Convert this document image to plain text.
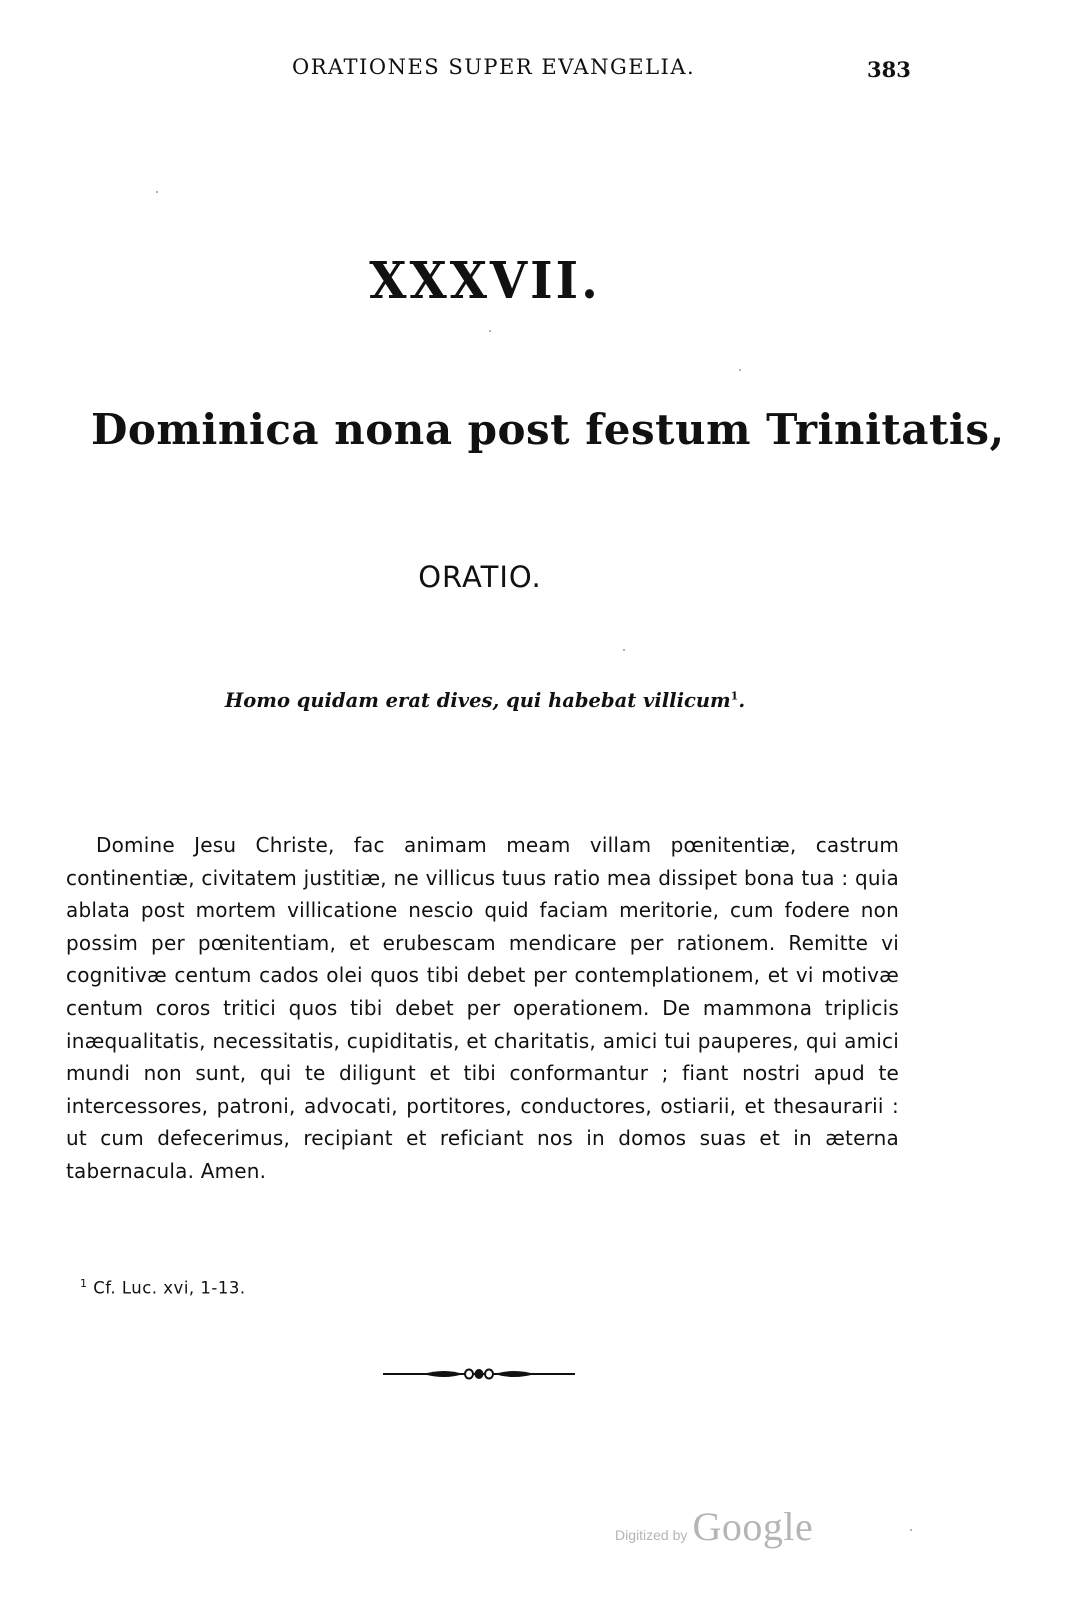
ORATIONES SUPER EVANGELIA.	383
XXXVII.
Dominica nona post festum Trinitatis,
ORATIO.
Homo quidam erat dives, qui habebat villicum$^1$.

Domine Jesu Christe, fac animam meam villam pœnitentiæ, castrum continentiæ, civitatem justitiæ, ne villicus tuus ratio mea dissipet bona tua : quia ablata post mortem villicatione nescio quid faciam meritorie, cum fodere non possim per pœnitentiam, et erubescam mendicare per rationem. Remitte vi cognitivæ centum cados olei quos tibi debet per contemplationem, et vi motivæ centum coros tritici quos tibi debet per operationem. De mammona triplicis inæqualitatis, necessitatis, cupiditatis, et charitatis, amici tui pauperes, qui amici mundi non sunt, qui te diligunt et tibi conformantur ; fiant nostri apud te intercessores, patroni, advocati, portitores, conductores, ostiarii, et thesaurarii : ut cum defecerimus, recipiant et reficiant nos in domos suas et in æterna tabernacula. Amen.

$^1$ Cf. Luc. xvi, 1-13.
Digitized by Google
